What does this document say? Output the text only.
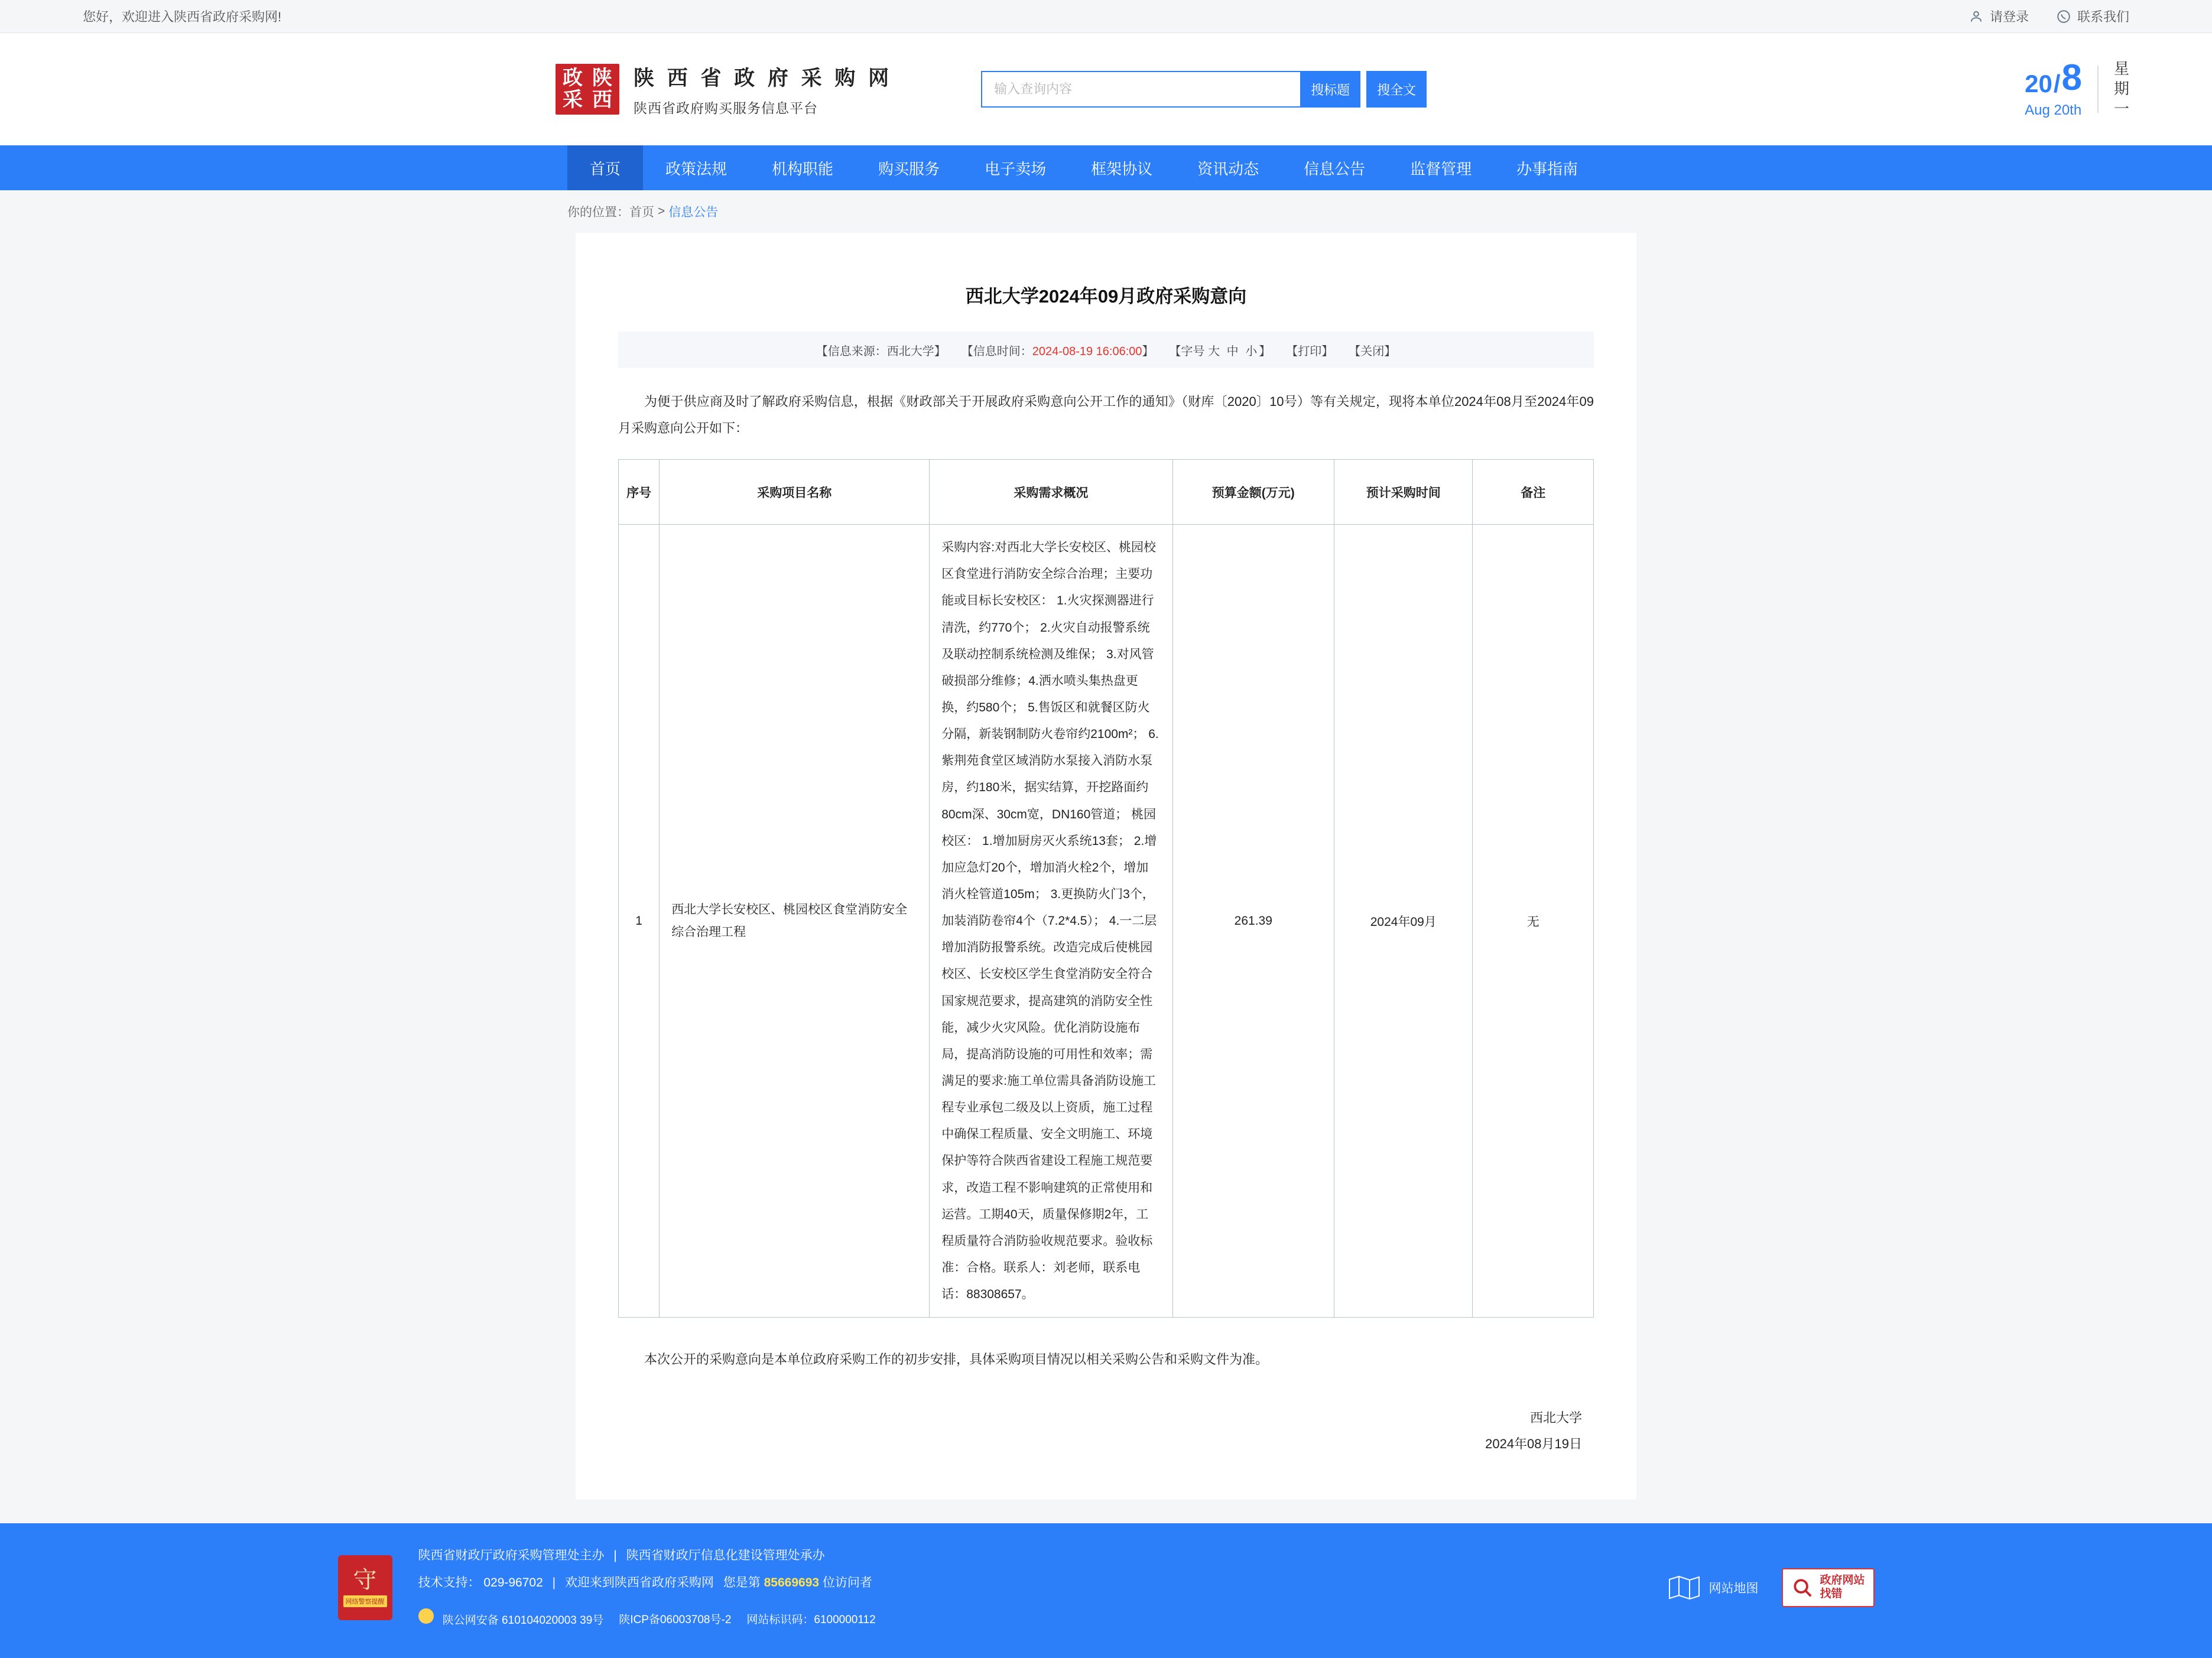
您好，欢迎进入陕西省政府采购网!	请登录	联系我们
政 陕
采 西
陕 西 省 政 府 采 购 网
陕西省政府购买服务信息平台
输入查询内容
搜标题	搜全文	20 / 8
Aug 20th
星
期
一
首页	政策法规	机构职能	购买服务	电子卖场	框架协议	资讯动态	信息公告	监督管理	办事指南
你的位置： 首页 > 信息公告
西北大学2024年09月政府采购意向
【信息来源：西北大学】 【信息时间：2024-08-19 16:06:00】 【字号 大 中 小】 【打印】 【关闭】

为便于供应商及时了解政府采购信息，根据《财政部关于开展政府采购意向公开工作的通知》（财库〔2020〕10号）等有关规定，现将本单位2024年08月至2024年09月采购意向公开如下：

序号	采购项目名称	采购需求概况	预算金额(万元)	预计采购时间	备注
1	西北大学长安校区、桃园校区食堂消防安全综合治理工程	采购内容:对西北大学长安校区、桃园校区食堂进行消防安全综合治理；主要功能或目标长安校区： 1.火灾探测器进行清洗，约770个； 2.火灾自动报警系统及联动控制系统检测及维保； 3.对风管破损部分维修；4.洒水喷头集热盘更换，约580个； 5.售饭区和就餐区防火分隔，新装钢制防火卷帘约2100m²； 6.紫荆苑食堂区域消防水泵接入消防水泵房，约180米，据实结算，开挖路面约80cm深、30cm宽，DN160管道； 桃园校区： 1.增加厨房灭火系统13套； 2.增加应急灯20个，增加消火栓2个，增加消火栓管道105m； 3.更换防火门3个，加装消防卷帘4个（7.2*4.5）； 4.一二层增加消防报警系统。改造完成后使桃园校区、长安校区学生食堂消防安全符合国家规范要求，提高建筑的消防安全性能，减少火灾风险。优化消防设施布局，提高消防设施的可用性和效率；需满足的要求:施工单位需具备消防设施工程专业承包二级及以上资质，施工过程中确保工程质量、安全文明施工、环境保护等符合陕西省建设工程施工规范要求，改造工程不影响建筑的正常使用和运营。工期40天，质量保修期2年，工程质量符合消防验收规范要求。验收标准：合格。联系人：刘老师，联系电话：88308657。	261.39	2024年09月	无

本次公开的采购意向是本单位政府采购工作的初步安排，具体采购项目情况以相关采购公告和采购文件为准。

西北大学
2024年08月19日
守
网络警察提醒
陕西省财政厅政府采购管理处主办 | 陕西省财政厅信息化建设管理处承办
技术支持： 029-96702 | 欢迎来到陕西省政府采购网 您是第 85669693 位访问者
陕公网安备 610104020003 39号 陕ICP备06003708号-2 网站标识码：6100000112
网站地图
政府网站
找错
